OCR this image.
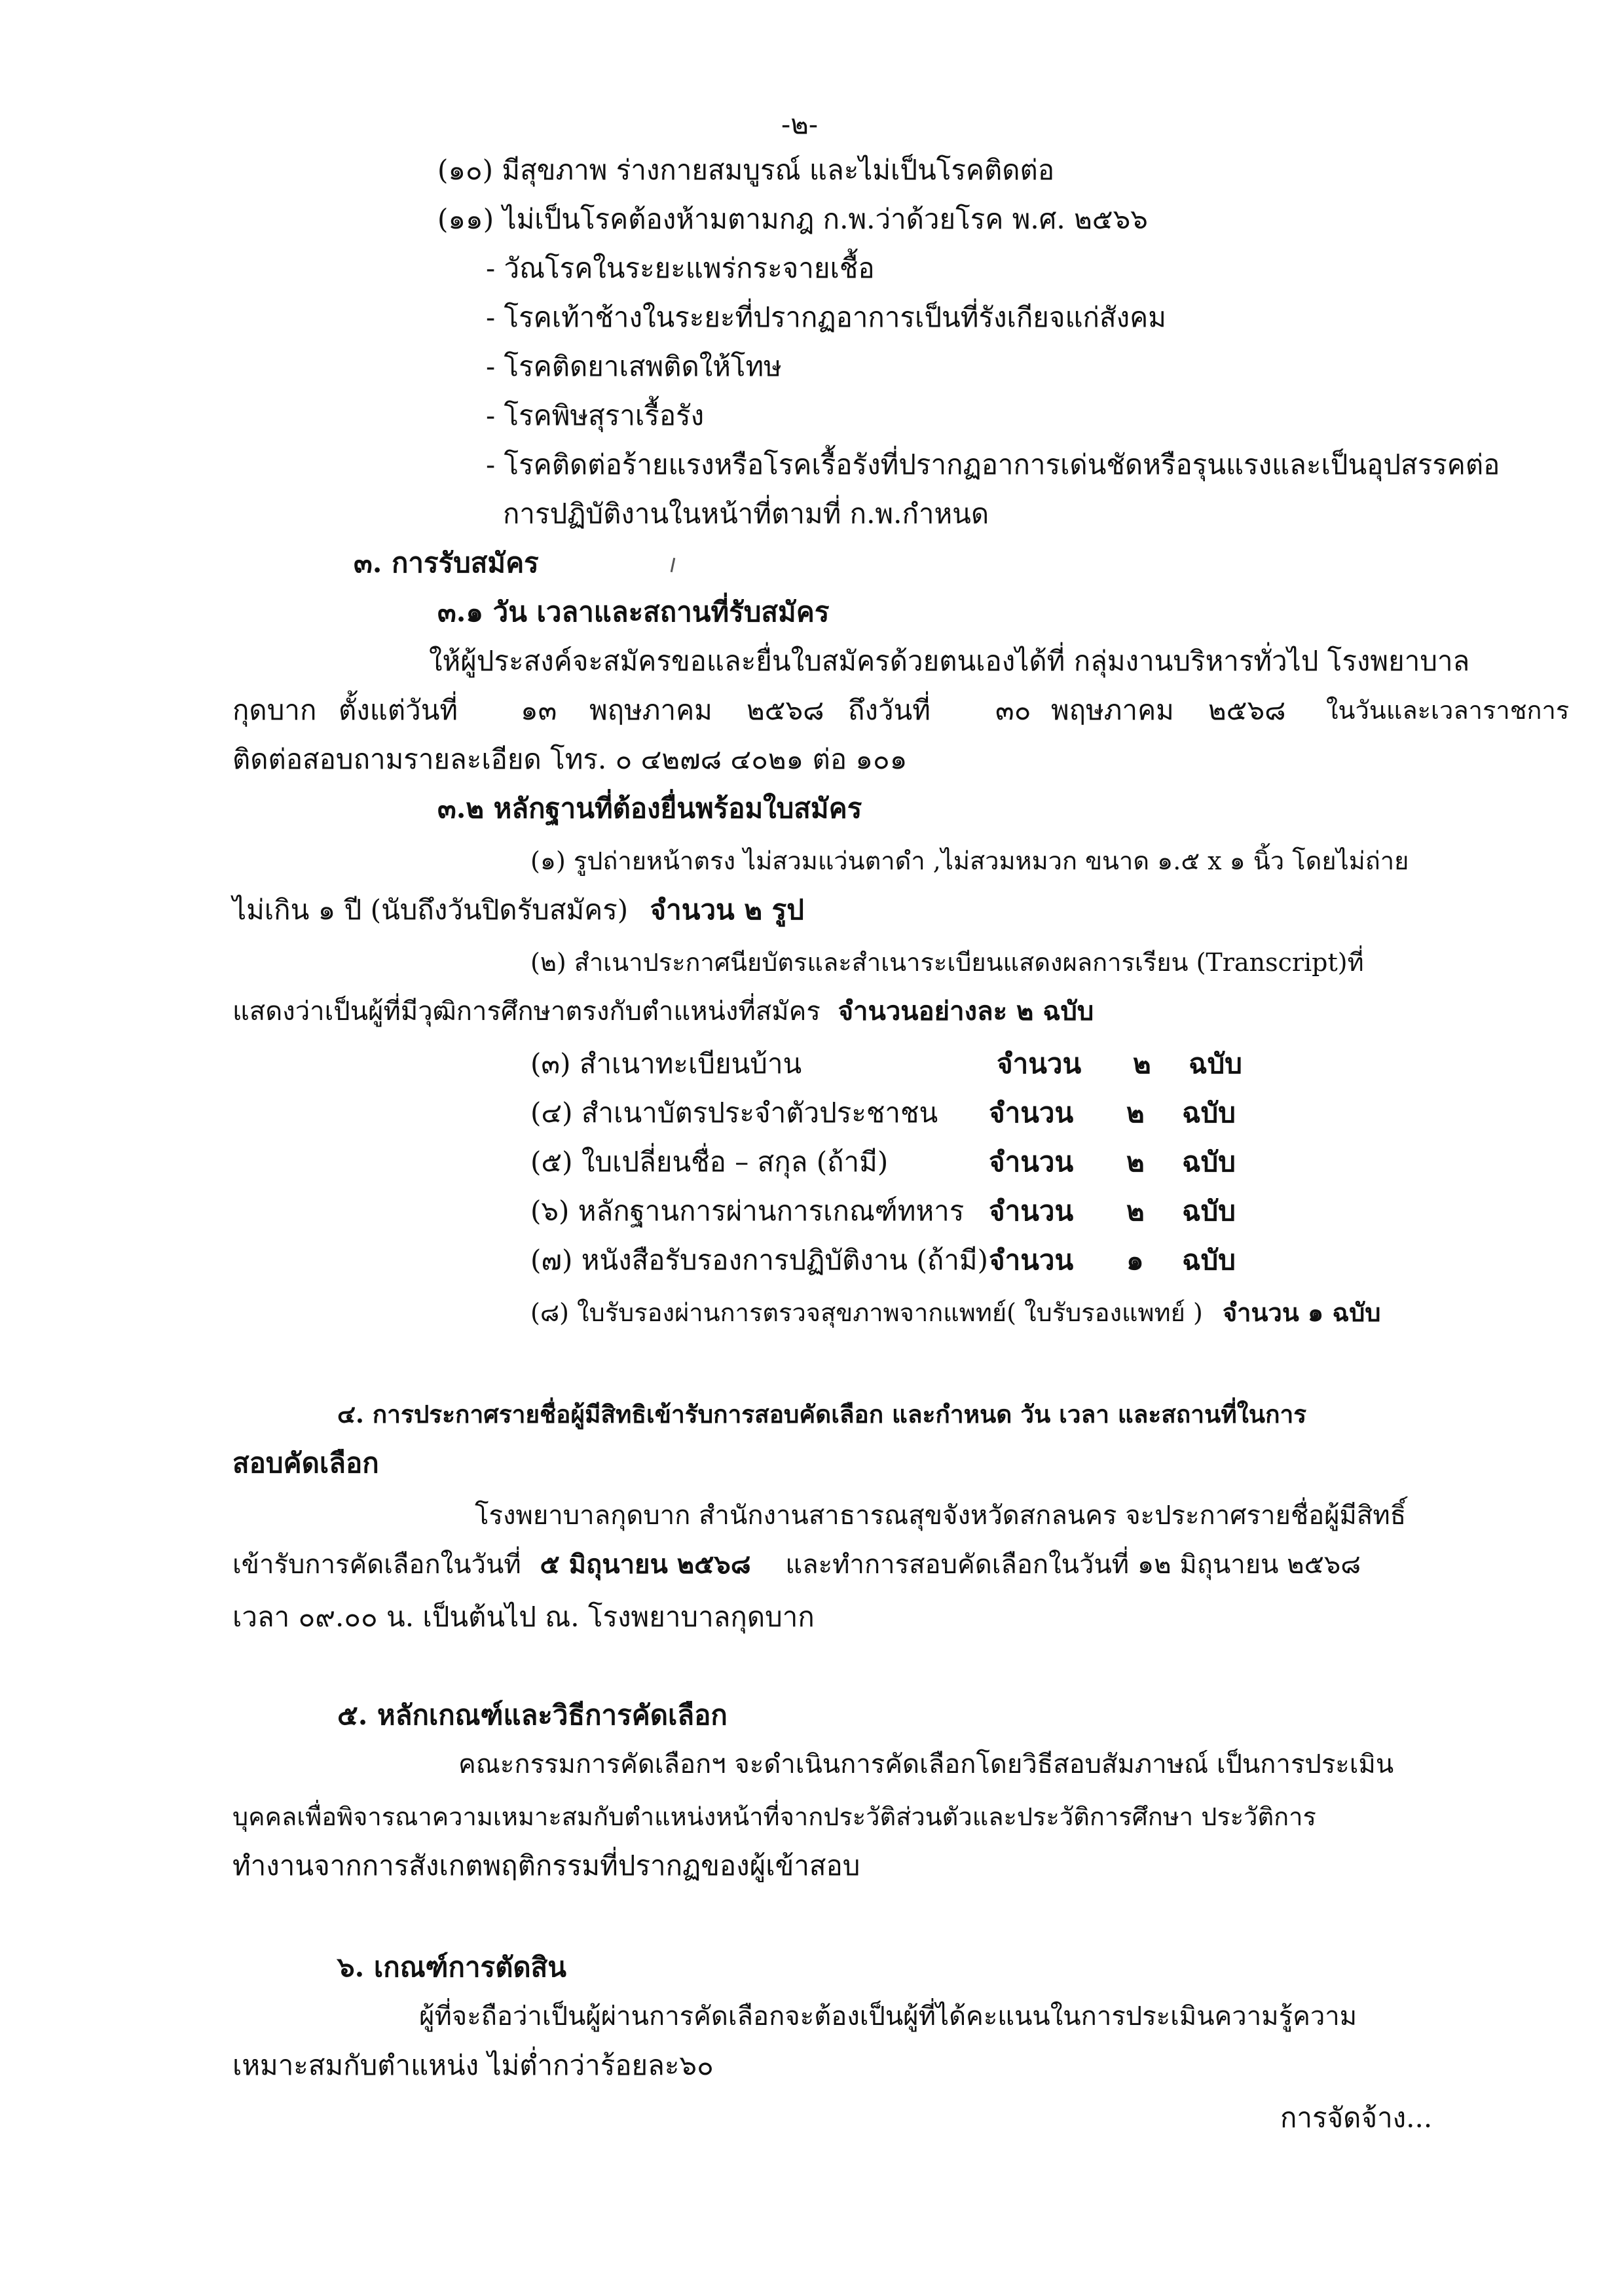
-๒-
(๑๐) มีสุขภาพ ร่างกายสมบูรณ์ และไม่เป็นโรคติดต่อ
(๑๑) ไม่เป็นโรคต้องห้ามตามกฎ ก.พ.ว่าด้วยโรค พ.ศ. ๒๕๖๖
- วัณโรคในระยะแพร่กระจายเชื้อ
- โรคเท้าช้างในระยะที่ปรากฏอาการเป็นที่รังเกียจแก่สังคม
- โรคติดยาเสพติดให้โทษ
- โรคพิษสุราเรื้อรัง
- โรคติดต่อร้ายแรงหรือโรคเรื้อรังที่ปรากฏอาการเด่นชัดหรือรุนแรงและเป็นอุปสรรคต่อ
การปฏิบัติงานในหน้าที่ตามที่ ก.พ.กำหนด
๓. การรับสมัคร
๓.๑ วัน เวลาและสถานที่รับสมัคร
ให้ผู้ประสงค์จะสมัครขอและยื่นใบสมัครด้วยตนเองได้ที่ กลุ่มงานบริหารทั่วไป โรงพยาบาล
กุดบาก ตั้งแต่วันที่ ๑๓ พฤษภาคม ๒๕๖๘ ถึงวันที่ ๓๐ พฤษภาคม ๒๕๖๘ ในวันและเวลาราชการ
ติดต่อสอบถามรายละเอียด โทร. ๐ ๔๒๗๘ ๔๐๒๑ ต่อ ๑๐๑
๓.๒ หลักฐานที่ต้องยื่นพร้อมใบสมัคร
(๑) รูปถ่ายหน้าตรง ไม่สวมแว่นตาดำ ,ไม่สวมหมวก ขนาด ๑.๕ x ๑ นิ้ว โดยไม่ถ่าย
ไม่เกิน ๑ ปี (นับถึงวันปิดรับสมัคร) จำนวน ๒ รูป
(๒) สำเนาประกาศนียบัตรและสำเนาระเบียนแสดงผลการเรียน (Transcript)ที่
แสดงว่าเป็นผู้ที่มีวุฒิการศึกษาตรงกับตำแหน่งที่สมัคร จำนวนอย่างละ ๒ ฉบับ
(๓) สำเนาทะเบียนบ้าน	จำนวน ๒ ฉบับ
(๔) สำเนาบัตรประจำตัวประชาชน จำนวน ๒ ฉบับ
(๕) ใบเปลี่ยนชื่อ – สกุล (ถ้ามี)	จำนวน ๒ ฉบับ
(๖) หลักฐานการผ่านการเกณฑ์ทหาร จำนวน ๒ ฉบับ
(๗) หนังสือรับรองการปฏิบัติงาน (ถ้ามี) จำนวน ๑ ฉบับ
(๘) ใบรับรองผ่านการตรวจสุขภาพจากแพทย์( ใบรับรองแพทย์ ) จำนวน ๑ ฉบับ
๔. การประกาศรายชื่อผู้มีสิทธิเข้ารับการสอบคัดเลือก และกำหนด วัน เวลา และสถานที่ในการ
สอบคัดเลือก
โรงพยาบาลกุดบาก สำนักงานสาธารณสุขจังหวัดสกลนคร จะประกาศรายชื่อผู้มีสิทธิ์
เข้ารับการคัดเลือกในวันที่ ๕ มิถุนายน ๒๕๖๘ และทำการสอบคัดเลือกในวันที่ ๑๒ มิถุนายน ๒๕๖๘
เวลา ๐๙.๐๐ น. เป็นต้นไป ณ. โรงพยาบาลกุดบาก
๕. หลักเกณฑ์และวิธีการคัดเลือก
คณะกรรมการคัดเลือกฯ จะดำเนินการคัดเลือกโดยวิธีสอบสัมภาษณ์ เป็นการประเมิน
บุคคลเพื่อพิจารณาความเหมาะสมกับตำแหน่งหน้าที่จากประวัติส่วนตัวและประวัติการศึกษา ประวัติการ
ทำงานจากการสังเกตพฤติกรรมที่ปรากฏของผู้เข้าสอบ
๖. เกณฑ์การตัดสิน
ผู้ที่จะถือว่าเป็นผู้ผ่านการคัดเลือกจะต้องเป็นผู้ที่ได้คะแนนในการประเมินความรู้ความ
เหมาะสมกับตำแหน่ง ไม่ต่ำกว่าร้อยละ๖๐
การจัดจ้าง...
